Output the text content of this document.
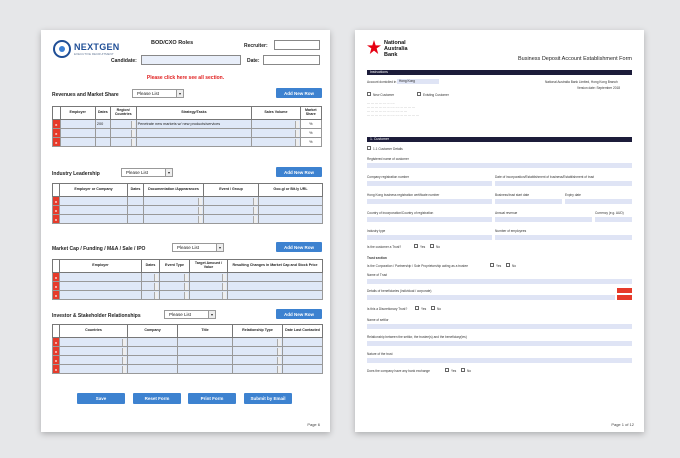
NEXTGEN
EXECUTIVE RECRUITMENT
BOD/CXO Roles	Recruiter:
Candidate:	Date:
Please click here see all section.
Revenues and Market Share	Please List	▾	Add New Row
	Employer	Dates	Region/ Countries	Strategy/Tasks	Sales Volume	Market Share
x		200		Penetrate new markets w/ new products/services		%
x						%
x						%
Industry Leadership	Please List	▾	Add New Row
	Employer or Company	Dates	Documentation /Appearances	Event / Group	Goo.gl or Bit.ly URL
x			

x			

x			

Market Cap / Funding / M&A / Sale / IPO	Please List	▾	Add New Row
	Employer	Dates	Event Type	Target Amount / Value	Resulting Changes in Market Cap and Stock Price
x		

x		

x		

Investor & Stakeholder Relationships	Please List	▾	Add New Row
	Countries	Company	Title	Relationship Type	Date Last Contacted
x	

x	

x	

x	

Save	Reset Form	Print Form	Submit by Email
Page 6
National
Australia
Bank
Business Deposit Account Establishment Form
Instructions
Account domiciled in Hong Kong	National Australia Bank Limited, Hong Kong Branch
Version date: September 2018
New Customer	Existing Customer
··· ··· ··· ··· ··· ··· ···
··· ··· ··· ··· ··· ··· ··· ··· ··· ··· ··· ···
··· ··· ··· ··· ··· ··· ··· ··· ··· ···
··· ··· ··· ··· ··· ··· ··· ··· ··· ··· ··· ··· ···
1. Customer
1.1 Customer Details
Registered name of customer
Company registration number	Date of incorporation/Establishment of business/Establishment of trust
Hong Kong business registration certificate number	Business/trust start date	Expiry date
Country of incorporation/Country of registration	Annual revenue	Currency (e.g. AUD)
Industry type	Number of employees
Is the customer a Trust?	Yes	No
Trust section
Is the Corporation / Partnership / Sole Proprietorship acting as a trustee	Yes	No
Name of Trust
Details of beneficiaries (individual / corporate)
Is this a Discretionary Trust?	Yes	No
Name of settlor
Relationship between the settlor, the trustee(s) and the beneficiary(ies)
Nature of the trust
Does the company have any bank exchange	Yes	No
Page 1 of 12
